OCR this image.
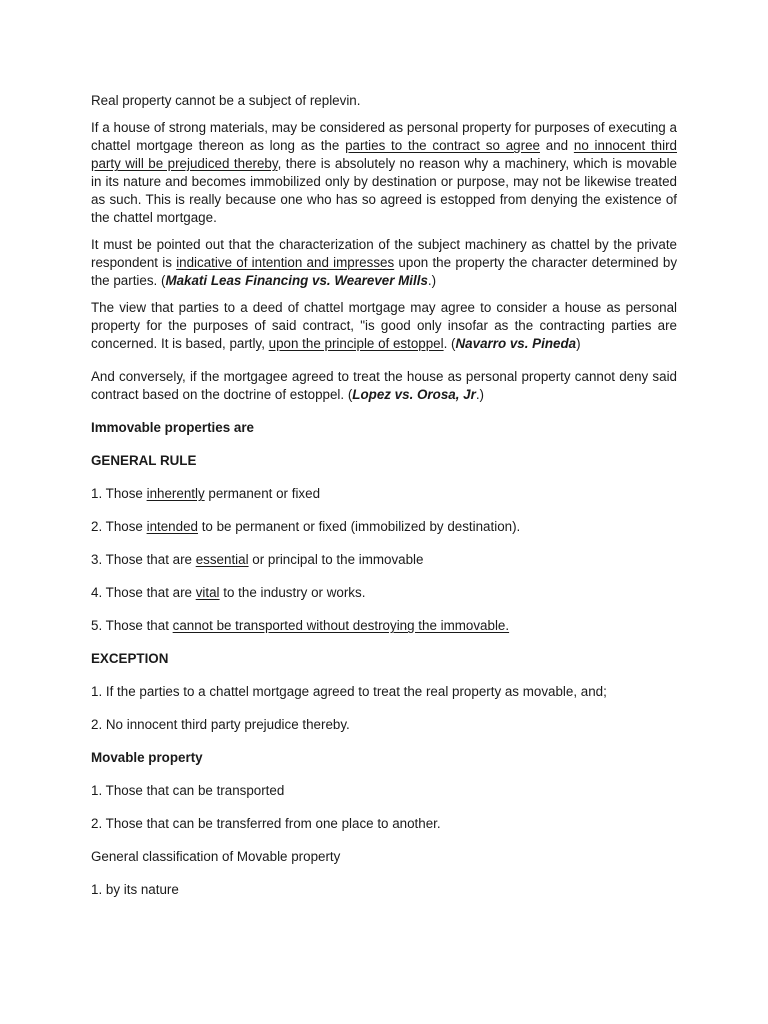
Real property cannot be a subject of replevin.

If a house of strong materials, may be considered as personal property for purposes of executing a chattel mortgage thereon as long as the parties to the contract so agree and no innocent third party will be prejudiced thereby, there is absolutely no reason why a machinery, which is movable in its nature and becomes immobilized only by destination or purpose, may not be likewise treated as such. This is really because one who has so agreed is estopped from denying the existence of the chattel mortgage.

It must be pointed out that the characterization of the subject machinery as chattel by the private respondent is indicative of intention and impresses upon the property the character determined by the parties. (Makati Leas Financing vs. Wearever Mills.)

The view that parties to a deed of chattel mortgage may agree to consider a house as personal property for the purposes of said contract, "is good only insofar as the contracting parties are concerned. It is based, partly, upon the principle of estoppel. (Navarro vs. Pineda)

And conversely, if the mortgagee agreed to treat the house as personal property cannot deny said contract based on the doctrine of estoppel. (Lopez vs. Orosa, Jr.)

Immovable properties are

GENERAL RULE

1. Those inherently permanent or fixed

2. Those intended to be permanent or fixed (immobilized by destination).

3. Those that are essential or principal to the immovable

4. Those that are vital to the industry or works.

5. Those that cannot be transported without destroying the immovable.

EXCEPTION

1. If the parties to a chattel mortgage agreed to treat the real property as movable, and;

2. No innocent third party prejudice thereby.

Movable property

1. Those that can be transported

2. Those that can be transferred from one place to another.

General classification of Movable property

1. by its nature
